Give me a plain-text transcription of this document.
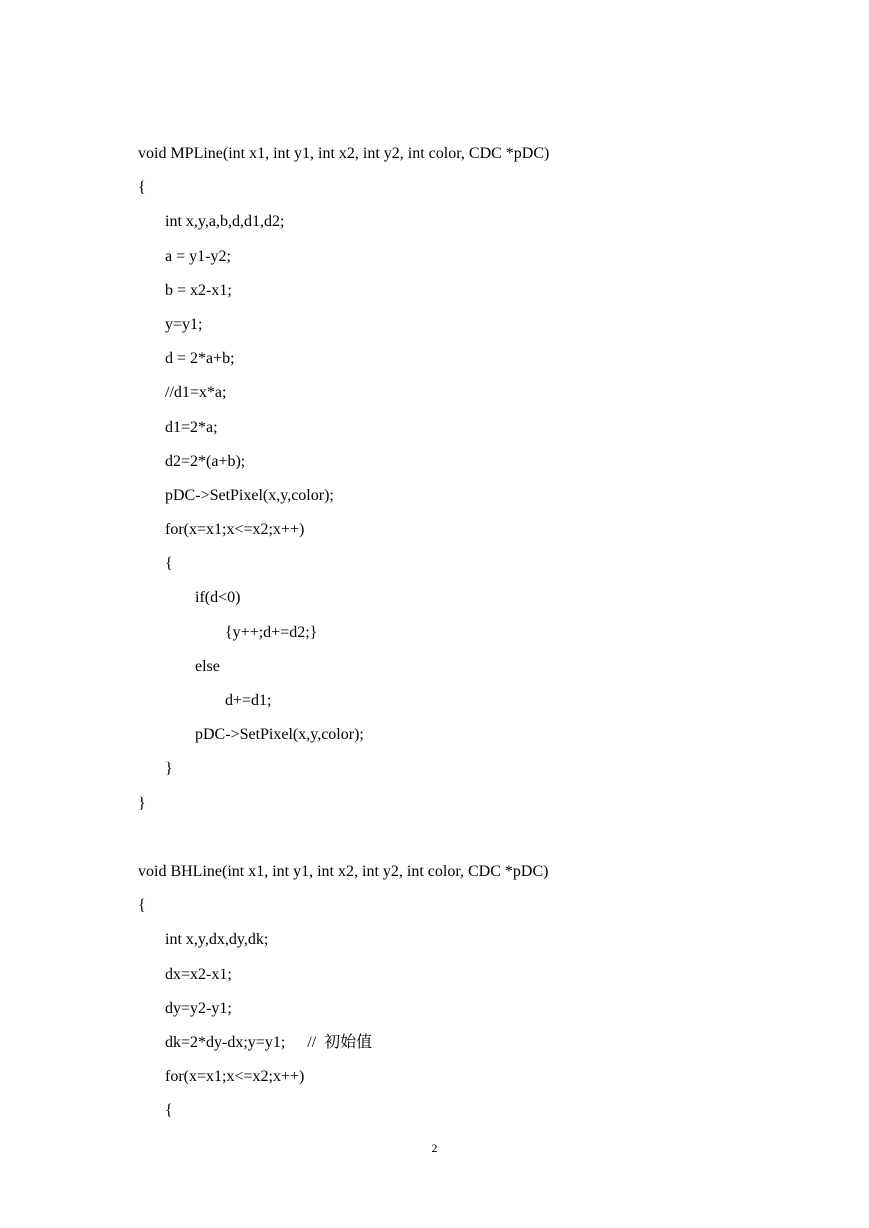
void MPLine(int x1, int y1, int x2, int y2, int color, CDC *pDC)
{
int x,y,a,b,d,d1,d2;
a = y1-y2;
b = x2-x1;
y=y1;
d = 2*a+b;
//d1=x*a;
d1=2*a;
d2=2*(a+b);
pDC->SetPixel(x,y,color);
for(x=x1;x<=x2;x++)
{
if(d<0)
{y++;d+=d2;}
else
d+=d1;
pDC->SetPixel(x,y,color);
}
}
void BHLine(int x1, int y1, int x2, int y2, int color, CDC *pDC)
{
int x,y,dx,dy,dk;
dx=x2-x1;
dy=y2-y1;
dk=2*dy-dx;y=y1; //  初始值
for(x=x1;x<=x2;x++)
{
2
